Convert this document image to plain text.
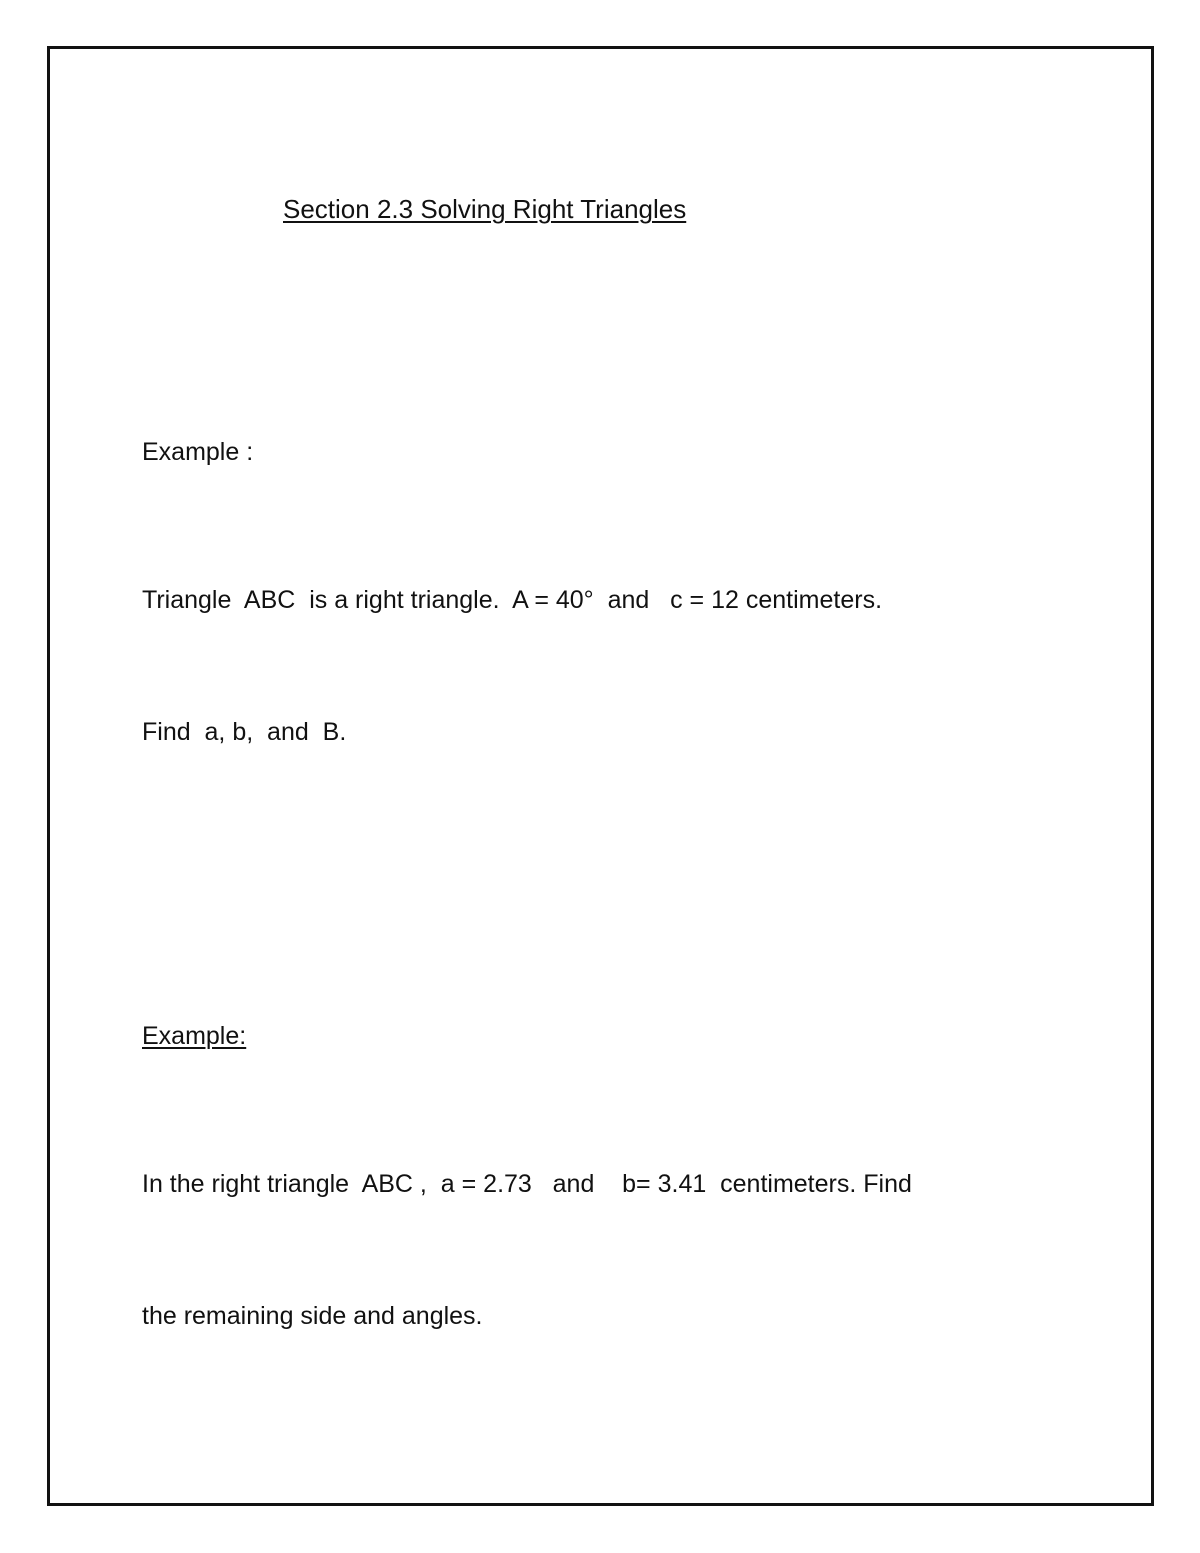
Section 2.3 Solving Right Triangles
Example :

Triangle  ABC  is a right triangle.  A = 40°  and   c = 12 centimeters.

Find  a, b,  and  B.

Example:

In the right triangle  ABC ,  a = 2.73   and    b= 3.41  centimeters. Find

the remaining side and angles.
